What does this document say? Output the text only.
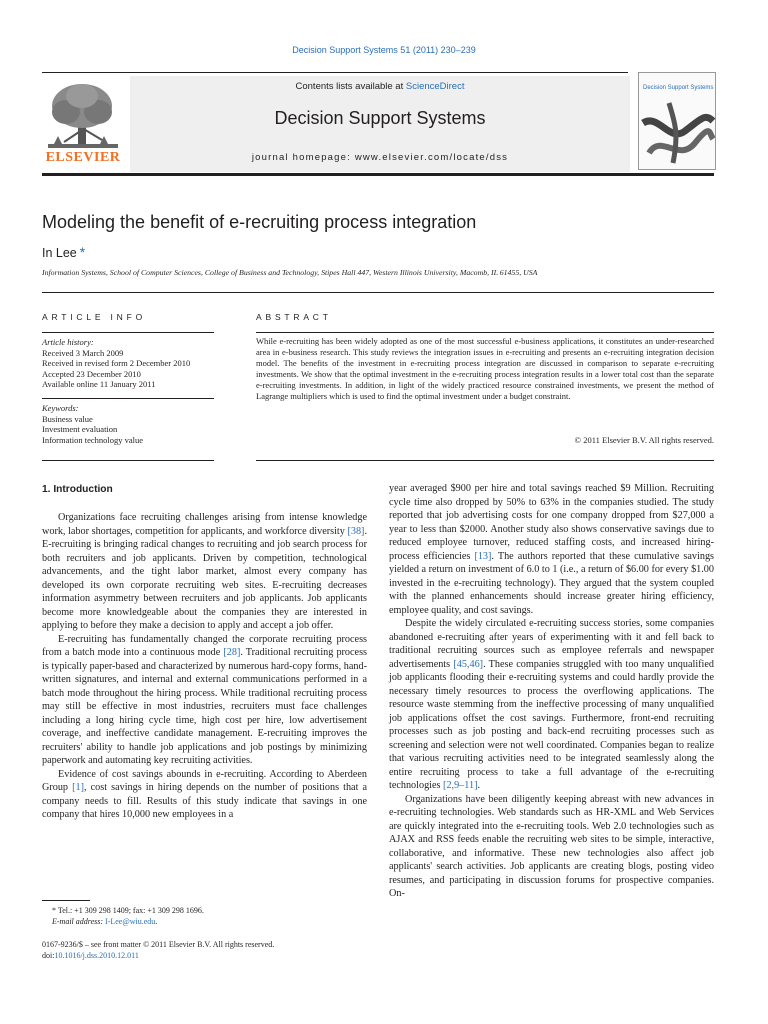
Decision Support Systems 51 (2011) 230–239
ELSEVIER
Contents lists available at ScienceDirect
Decision Support Systems
journal homepage: www.elsevier.com/locate/dss
Decision Support Systems
Modeling the benefit of e-recruiting process integration
In Lee *
Information Systems, School of Computer Sciences, College of Business and Technology, Stipes Hall 447, Western Illinois University, Macomb, IL 61455, USA
ARTICLE INFO
Article history:
Received 3 March 2009
Received in revised form 2 December 2010
Accepted 23 December 2010
Available online 11 January 2011
Keywords:
Business value
Investment evaluation
Information technology value
ABSTRACT
While e-recruiting has been widely adopted as one of the most successful e-business applications, it constitutes an under-researched area in e-business research. This study reviews the integration issues in e-recruiting and presents an e-recruiting integration decision model. The benefits of the investment in e-recruiting process integration are discussed in comparison to separate e-recruiting investments. We show that the optimal investment in the e-recruiting process integration results in a lower total cost than the separate e-recruiting investments. In addition, in light of the widely practiced resource constrained investments, we present the method of Lagrange multipliers which is used to find the optimal investment under a budget constraint.
© 2011 Elsevier B.V. All rights reserved.
1. Introduction

Organizations face recruiting challenges arising from intense knowledge work, labor shortages, competition for applicants, and workforce diversity [38]. E-recruiting is bringing radical changes to recruiting and job search process for both recruiters and job applicants. Driven by competition, technological advancements, and the tight labor market, almost every company has developed its own corporate recruiting web sites. E-recruiting decreases information asymmetry between recruiters and job applicants. Job applicants become more knowledgeable about the companies they are interested in applying to before they make a decision to apply and accept a job offer.

E-recruiting has fundamentally changed the corporate recruiting process from a batch mode into a continuous mode [28]. Traditional recruiting process is typically paper-based and characterized by numerous hard-copy forms, hand-written signatures, and internal and external communications performed in a batch mode throughout the hiring process. While traditional recruiting process may still be effective in most industries, recruiters must face challenges including a long hiring cycle time, high cost per hire, low advertisement coverage, and ineffective candidate management. E-recruiting improves the recruiters' ability to handle job applications and job postings by minimizing paperwork and automating key recruiting activities.

Evidence of cost savings abounds in e-recruiting. According to Aberdeen Group [1], cost savings in hiring depends on the number of positions that a company needs to fill. Results of this study indicate that savings in one company that hires 10,000 new employees in a

year averaged $900 per hire and total savings reached $9 Million. Recruiting cycle time also dropped by 50% to 63% in the companies studied. The study reported that job advertising costs for one company dropped from $27,000 a year to less than $2000. Another study also shows conservative savings due to reduced employee turnover, reduced staffing costs, and increased hiring-process efficiencies [13]. The authors reported that these cumulative savings yielded a return on investment of 6.0 to 1 (i.e., a return of $6.00 for every $1.00 invested in the e-recruiting technology). They argued that the system coupled with the planned enhancements should increase greater hiring efficiency, employee quality, and cost savings.

Despite the widely circulated e-recruiting success stories, some companies abandoned e-recruiting after years of experimenting with it and fell back to traditional recruiting sources such as employee referrals and newspaper advertisements [45,46]. These companies struggled with too many unqualified job applicants flooding their e-recruiting systems and could hardly provide the necessary timely resources to process the overflowing applications. The resource waste stemming from the ineffective processing of many unqualified job applications offset the cost savings. Furthermore, front-end recruiting processes such as job posting and back-end recruiting processes such as screening and selection were not well coordinated. Companies began to realize that various recruiting activities need to be integrated seamlessly along the entire recruiting process to take a full advantage of the e-recruiting technologies [2,9–11].

Organizations have been diligently keeping abreast with new advances in e-recruiting technologies. Web standards such as HR-XML and Web Services are quickly integrated into the e-recruiting tools. Web 2.0 technologies such as AJAX and RSS feeds enable the recruiting web sites to be simple, interactive, collaborative, and informative. These new technologies also affect job applicants' search activities. Job applicants are creating blogs, posting video resumes, and participating in discussion forums for prospective companies. On-

* Tel.: +1 309 298 1409; fax: +1 309 298 1696.
E-mail address: I-Lee@wiu.edu.
0167-9236/$ – see front matter © 2011 Elsevier B.V. All rights reserved.
doi:10.1016/j.dss.2010.12.011
